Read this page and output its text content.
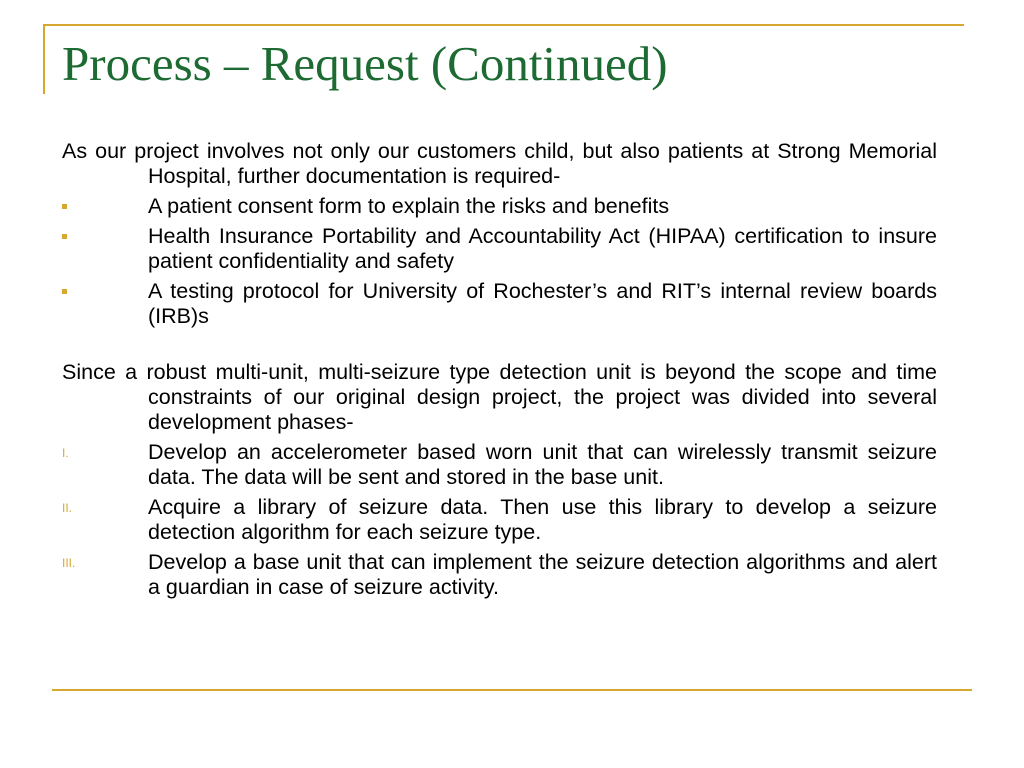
Process – Request (Continued)

As our project involves not only our customers child, but also patients at Strong Memorial Hospital, further documentation is required-

A patient consent form to explain the risks and benefits
Health Insurance Portability and Accountability Act (HIPAA) certification to insure patient confidentiality and safety
A testing protocol for University of Rochester’s and RIT’s internal review boards (IRB)s

Since a robust multi-unit, multi-seizure type detection unit is beyond the scope and time constraints of our original design project, the project was divided into several development phases-

I.	Develop an accelerometer based worn unit that can wirelessly transmit seizure data. The data will be sent and stored in the base unit.
II.	Acquire a library of seizure data. Then use this library to develop a seizure detection algorithm for each seizure type.
III.	Develop a base unit that can implement the seizure detection algorithms and alert a guardian in case of seizure activity.
